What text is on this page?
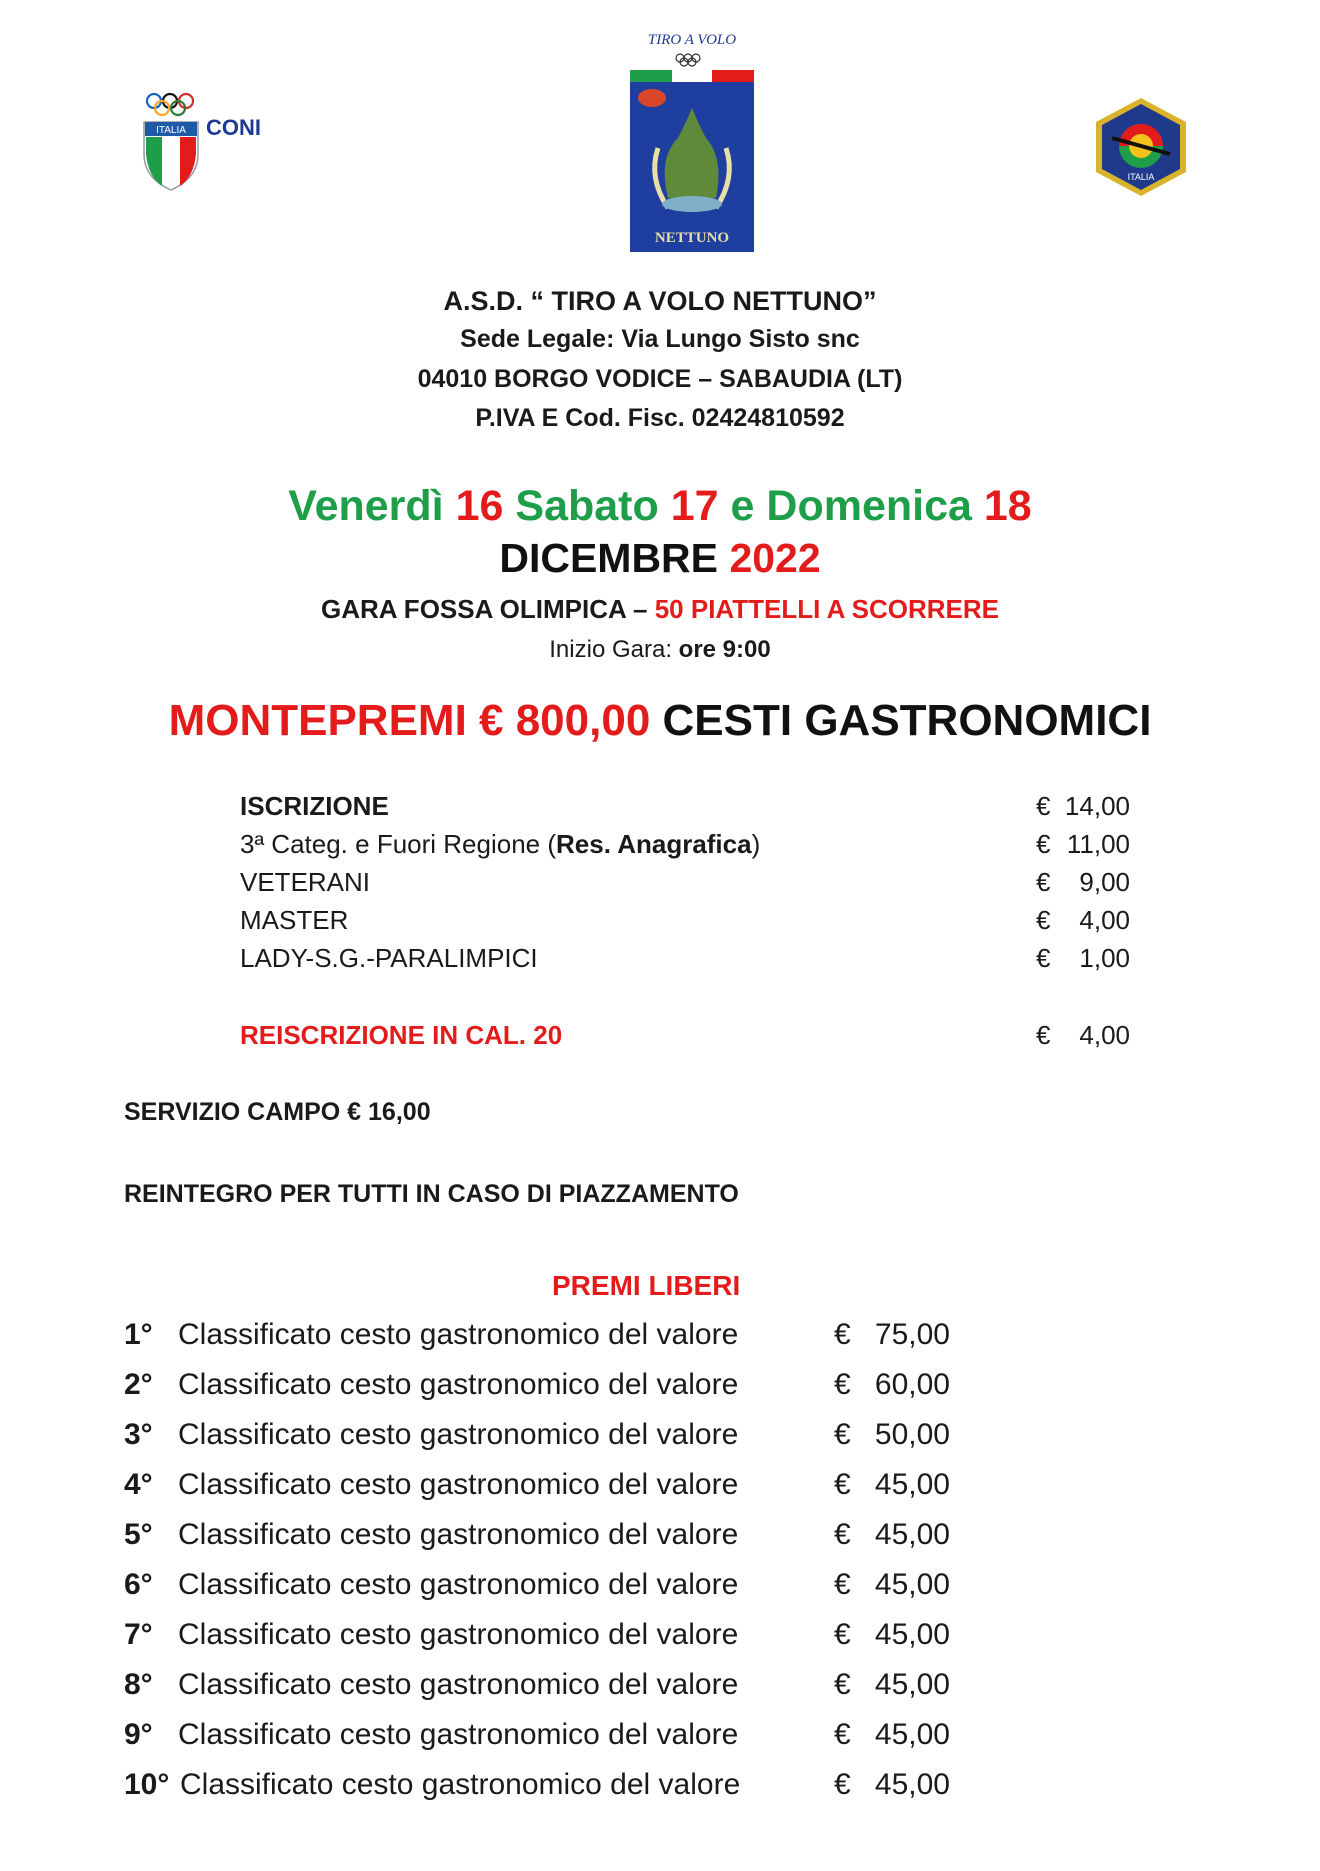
ITALIA CONI
TIRO A VOLO
NETTUNO
ITALIA
A.S.D. “ TIRO A VOLO NETTUNO”
Sede Legale: Via Lungo Sisto snc
04010 BORGO VODICE – SABAUDIA (LT)
P.IVA E Cod. Fisc. 02424810592
Venerdì 16 Sabato 17 e Domenica 18
DICEMBRE 2022
GARA FOSSA OLIMPICA – 50 PIATTELLI A SCORRERE
Inizio Gara: ore 9:00
MONTEPREMI € 800,00 CESTI GASTRONOMICI
ISCRIZIONE	€ 14,00
3ª Categ. e Fuori Regione (Res. Anagrafica)	€ 11,00
VETERANI	€ 9,00
MASTER	€ 4,00
LADY-S.G.-PARALIMPICI	€ 1,00
REISCRIZIONE IN CAL. 20	€ 4,00
SERVIZIO CAMPO € 16,00
REINTEGRO PER TUTTI IN CASO DI PIAZZAMENTO
PREMI LIBERI
1° Classificato cesto gastronomico del valore	€ 75,00
2° Classificato cesto gastronomico del valore	€ 60,00
3° Classificato cesto gastronomico del valore	€ 50,00
4° Classificato cesto gastronomico del valore	€ 45,00
5° Classificato cesto gastronomico del valore	€ 45,00
6° Classificato cesto gastronomico del valore	€ 45,00
7° Classificato cesto gastronomico del valore	€ 45,00
8° Classificato cesto gastronomico del valore	€ 45,00
9° Classificato cesto gastronomico del valore	€ 45,00
10° Classificato cesto gastronomico del valore	€ 45,00
